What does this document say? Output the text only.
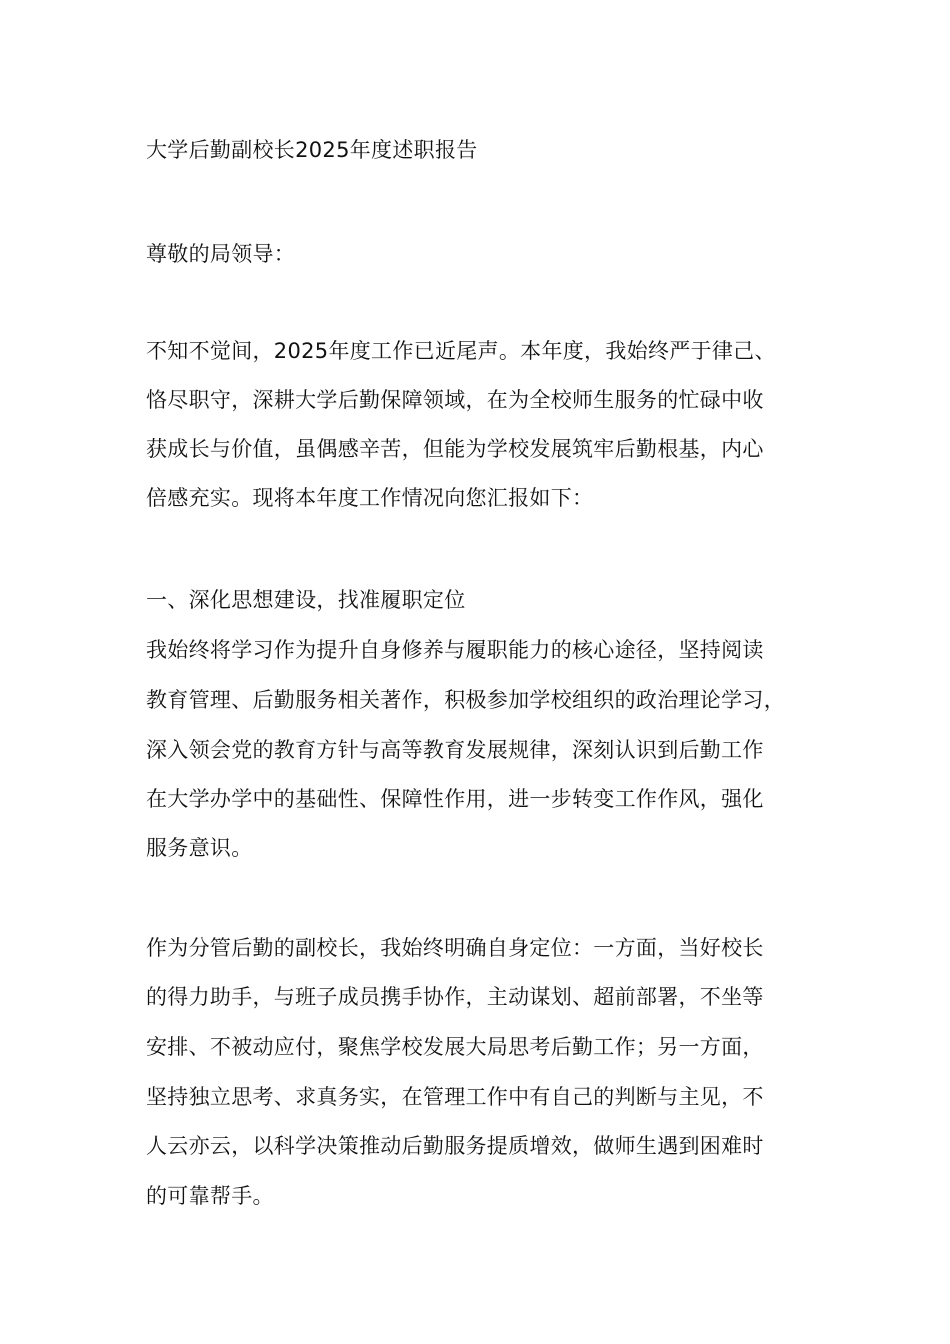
大学后勤副校长2025年度述职报告
尊敬的局领导：
不知不觉间，2025年度工作已近尾声。本年度，我始终严于律己、
恪尽职守，深耕大学后勤保障领域，在为全校师生服务的忙碌中收
获成长与价值，虽偶感辛苦，但能为学校发展筑牢后勤根基，内心
倍感充实。现将本年度工作情况向您汇报如下：
一、深化思想建设，找准履职定位
我始终将学习作为提升自身修养与履职能力的核心途径，坚持阅读
教育管理、后勤服务相关著作，积极参加学校组织的政治理论学习，
深入领会党的教育方针与高等教育发展规律，深刻认识到后勤工作
在大学办学中的基础性、保障性作用，进一步转变工作作风，强化
服务意识。
作为分管后勤的副校长，我始终明确自身定位：一方面，当好校长
的得力助手，与班子成员携手协作，主动谋划、超前部署，不坐等
安排、不被动应付，聚焦学校发展大局思考后勤工作；另一方面，
坚持独立思考、求真务实，在管理工作中有自己的判断与主见，不
人云亦云，以科学决策推动后勤服务提质增效，做师生遇到困难时
的可靠帮手。
